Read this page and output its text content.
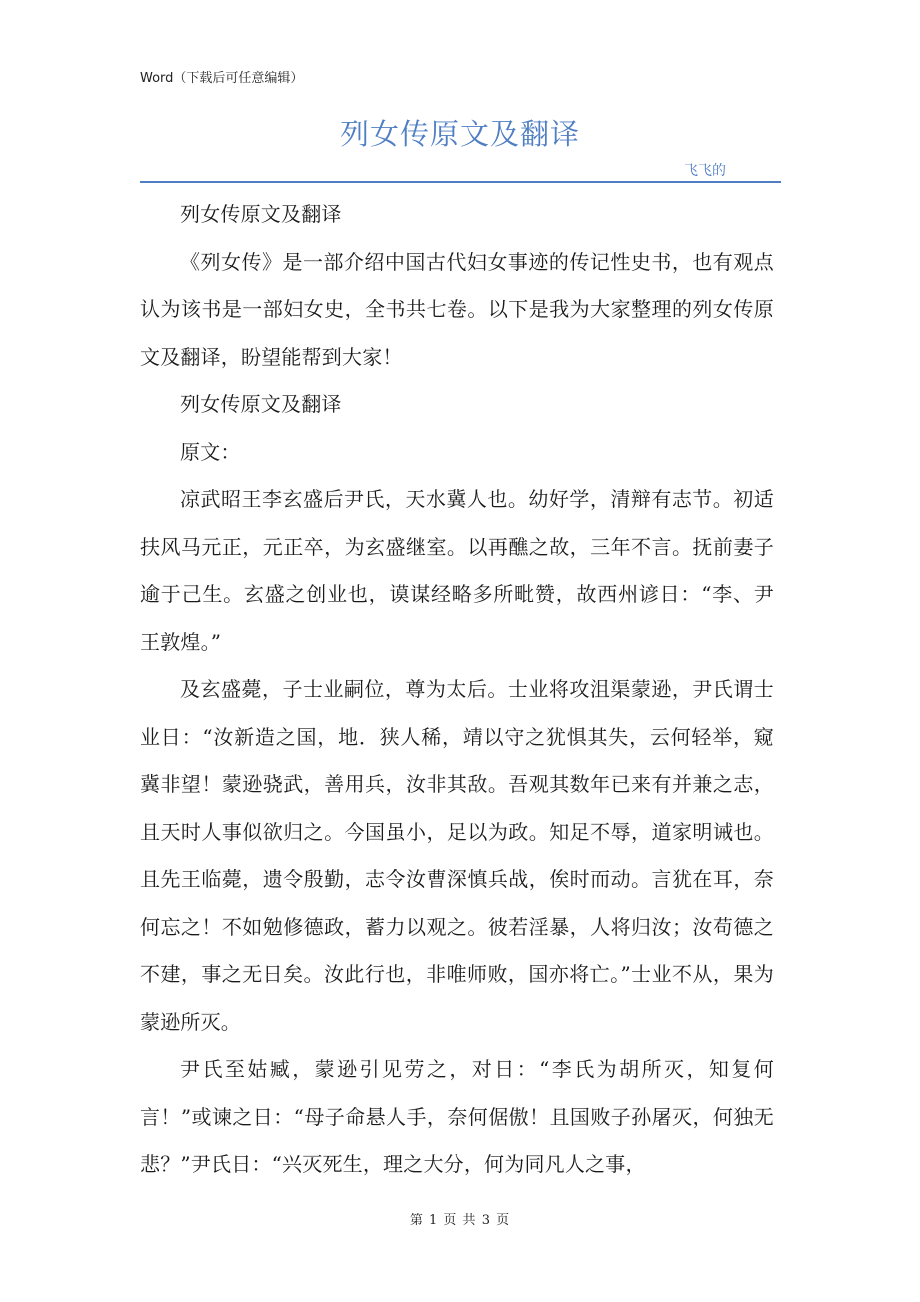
Word（下载后可任意编辑）
列女传原文及翻译
飞飞的

列女传原文及翻译

《列女传》是一部介绍中国古代妇女事迹的传记性史书，也有观点认为该书是一部妇女史，全书共七卷。以下是我为大家整理的列女传原文及翻译，盼望能帮到大家！

列女传原文及翻译

原文：

凉武昭王李玄盛后尹氏，天水冀人也。幼好学，清辩有志节。初适扶风马元正，元正卒，为玄盛继室。以再醮之故，三年不言。抚前妻子逾于己生。玄盛之创业也，谟谋经略多所毗赞，故西州谚日：“李、尹王敦煌。”

及玄盛薨，子士业嗣位，尊为太后。士业将攻沮渠蒙逊，尹氏谓士业日：“汝新造之国，地．狭人稀，靖以守之犹惧其失，云何轻举，窥冀非望！蒙逊骁武，善用兵，汝非其敌。吾观其数年已来有并兼之志，且天时人事似欲归之。今国虽小，足以为政。知足不辱，道家明诫也。且先王临薨，遗令殷勤，志令汝曹深慎兵战，俟时而动。言犹在耳，奈何忘之！不如勉修德政，蓄力以观之。彼若淫暴，人将归汝；汝苟德之不建，事之无日矣。汝此行也，非唯师败，国亦将亡。”士业不从，果为蒙逊所灭。

尹氏至姑臧，蒙逊引见劳之，对日：“李氏为胡所灭，知复何言！”或谏之日：“母子命悬人手，奈何倨傲！且国败子孙屠灭，何独无悲？”尹氏日：“兴灭死生，理之大分，何为同凡人之事，

第 1 页 共 3 页
